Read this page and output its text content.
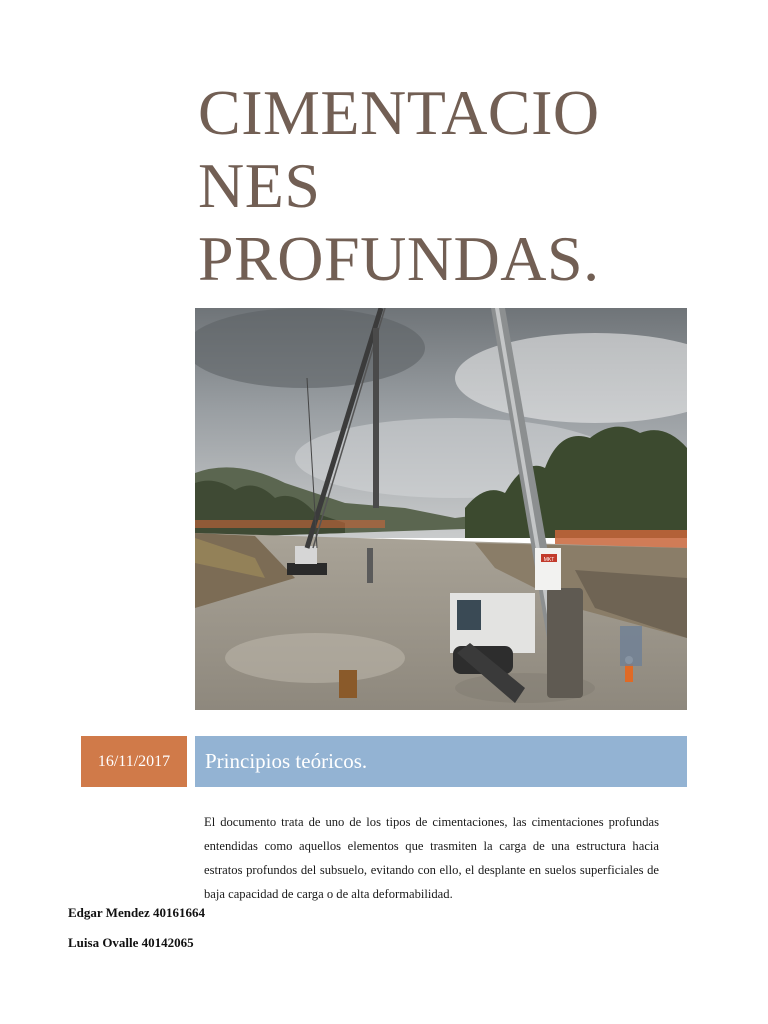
CIMENTACIO
NES
PROFUNDAS.
MKT
16/11/2017 Principios teóricos.

El documento trata de uno de los tipos de cimentaciones, las cimentaciones profundas entendidas como aquellos elementos que trasmiten la carga de una estructura hacia estratos profundos del subsuelo, evitando con ello, el desplante en suelos superficiales de baja capacidad de carga o de alta deformabilidad.

Edgar Mendez 40161664

Luisa Ovalle 40142065
